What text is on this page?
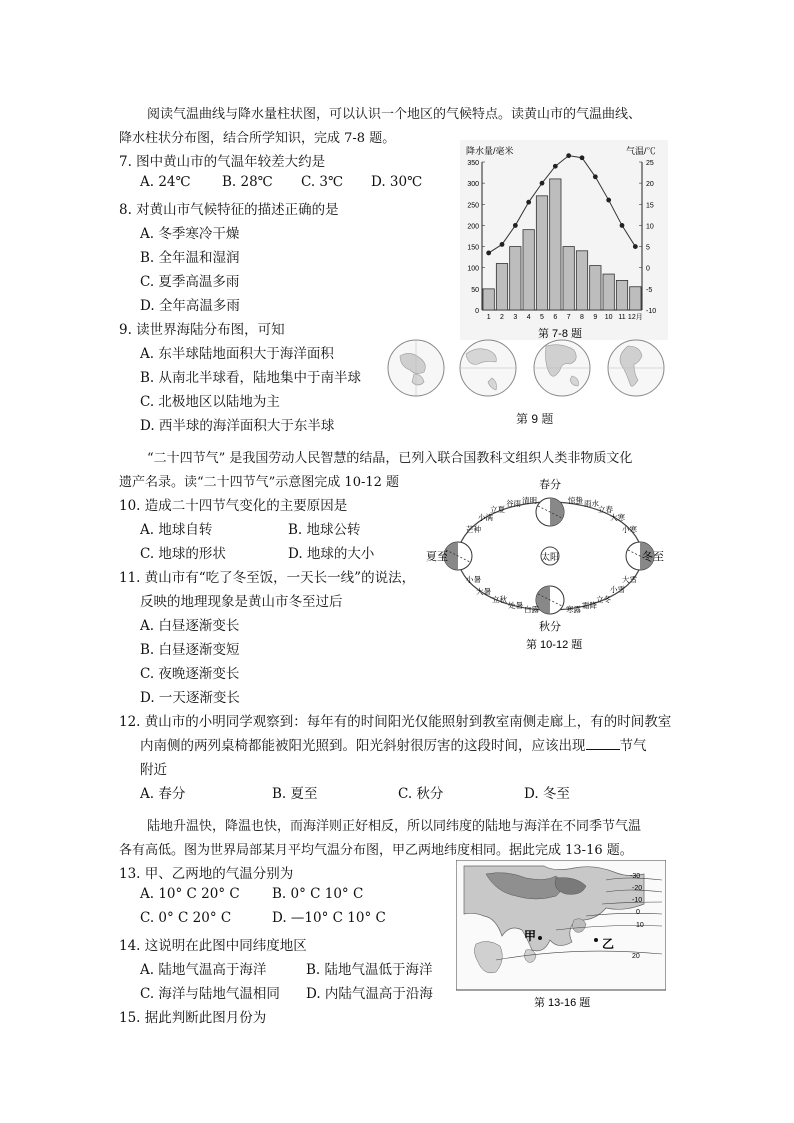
阅读气温曲线与降水量柱状图，可以认识一个地区的气候特点。读黄山市的气温曲线、
降水柱状分布图，结合所学知识，完成 7-8 题。
7. 图中黄山市的气温年较差大约是
A. 24℃ B. 28℃ C. 3℃ D. 30℃
8. 对黄山市气候特征的描述正确的是
A. 冬季寒冷干燥
B. 全年温和湿润
C. 夏季高温多雨
D. 全年高温多雨
降水量/毫米	气温/℃
350
300
250
200
150
100
50
0
25
20
15
10
5
0
-5
-10
1 2 3 4 5 6 7 8 9 10 11 12月
第 7-8 题
9. 读世界海陆分布图，可知
A. 东半球陆地面积大于海洋面积
B. 从南北半球看，陆地集中于南半球
C. 北极地区以陆地为主
D. 西半球的海洋面积大于东半球	第 9 题
“二十四节气” 是我国劳动人民智慧的结晶，已列入联合国教科文组织人类非物质文化
遗产名录。读“二十四节气”示意图完成 10-12 题
10. 造成二十四节气变化的主要原因是
A. 地球自转	B. 地球公转
C. 地球的形状	D. 地球的大小
11. 黄山市有“吃了冬至饭，一天长一线”的说法，
反映的地理现象是黄山市冬至过后
A. 白昼逐渐变长
B. 白昼逐渐变短
C. 夜晚逐渐变长
D. 一天逐渐变长
太阳
春分
夏至
秋分
冬至
小满
立夏
谷雨 清明	惊蛰 雨水
立春
大寒
芒种	小寒
小暑
大暑
立秋
处暑 白露	寒露 霜降
立冬
小雪
大雪
第 10-12 题
12. 黄山市的小明同学观察到：每年有的时间阳光仅能照射到教室南侧走廊上，有的时间教室
内南侧的两列桌椅都能被阳光照到。阳光斜射很厉害的这段时间，应该出现	节气
附近
A. 春分	B. 夏至	C. 秋分	D. 冬至
陆地升温快，降温也快，而海洋则正好相反，所以同纬度的陆地与海洋在不同季节气温
各有高低。图为世界局部某月平均气温分布图，甲乙两地纬度相同。据此完成 13-16 题。
13. 甲、乙两地的气温分别为
A. 10° C 20° C B. 0° C 10° C
C. 0° C 20° C	D. —10° C 10° C
14. 这说明在此图中同纬度地区
A. 陆地气温高于海洋	B. 陆地气温低于海洋
C. 海洋与陆地气温相同 D. 内陆气温高于沿海
15. 据此判断此图月份为
-30
-20
-10
0
10
20
甲
乙
第 13-16 题
